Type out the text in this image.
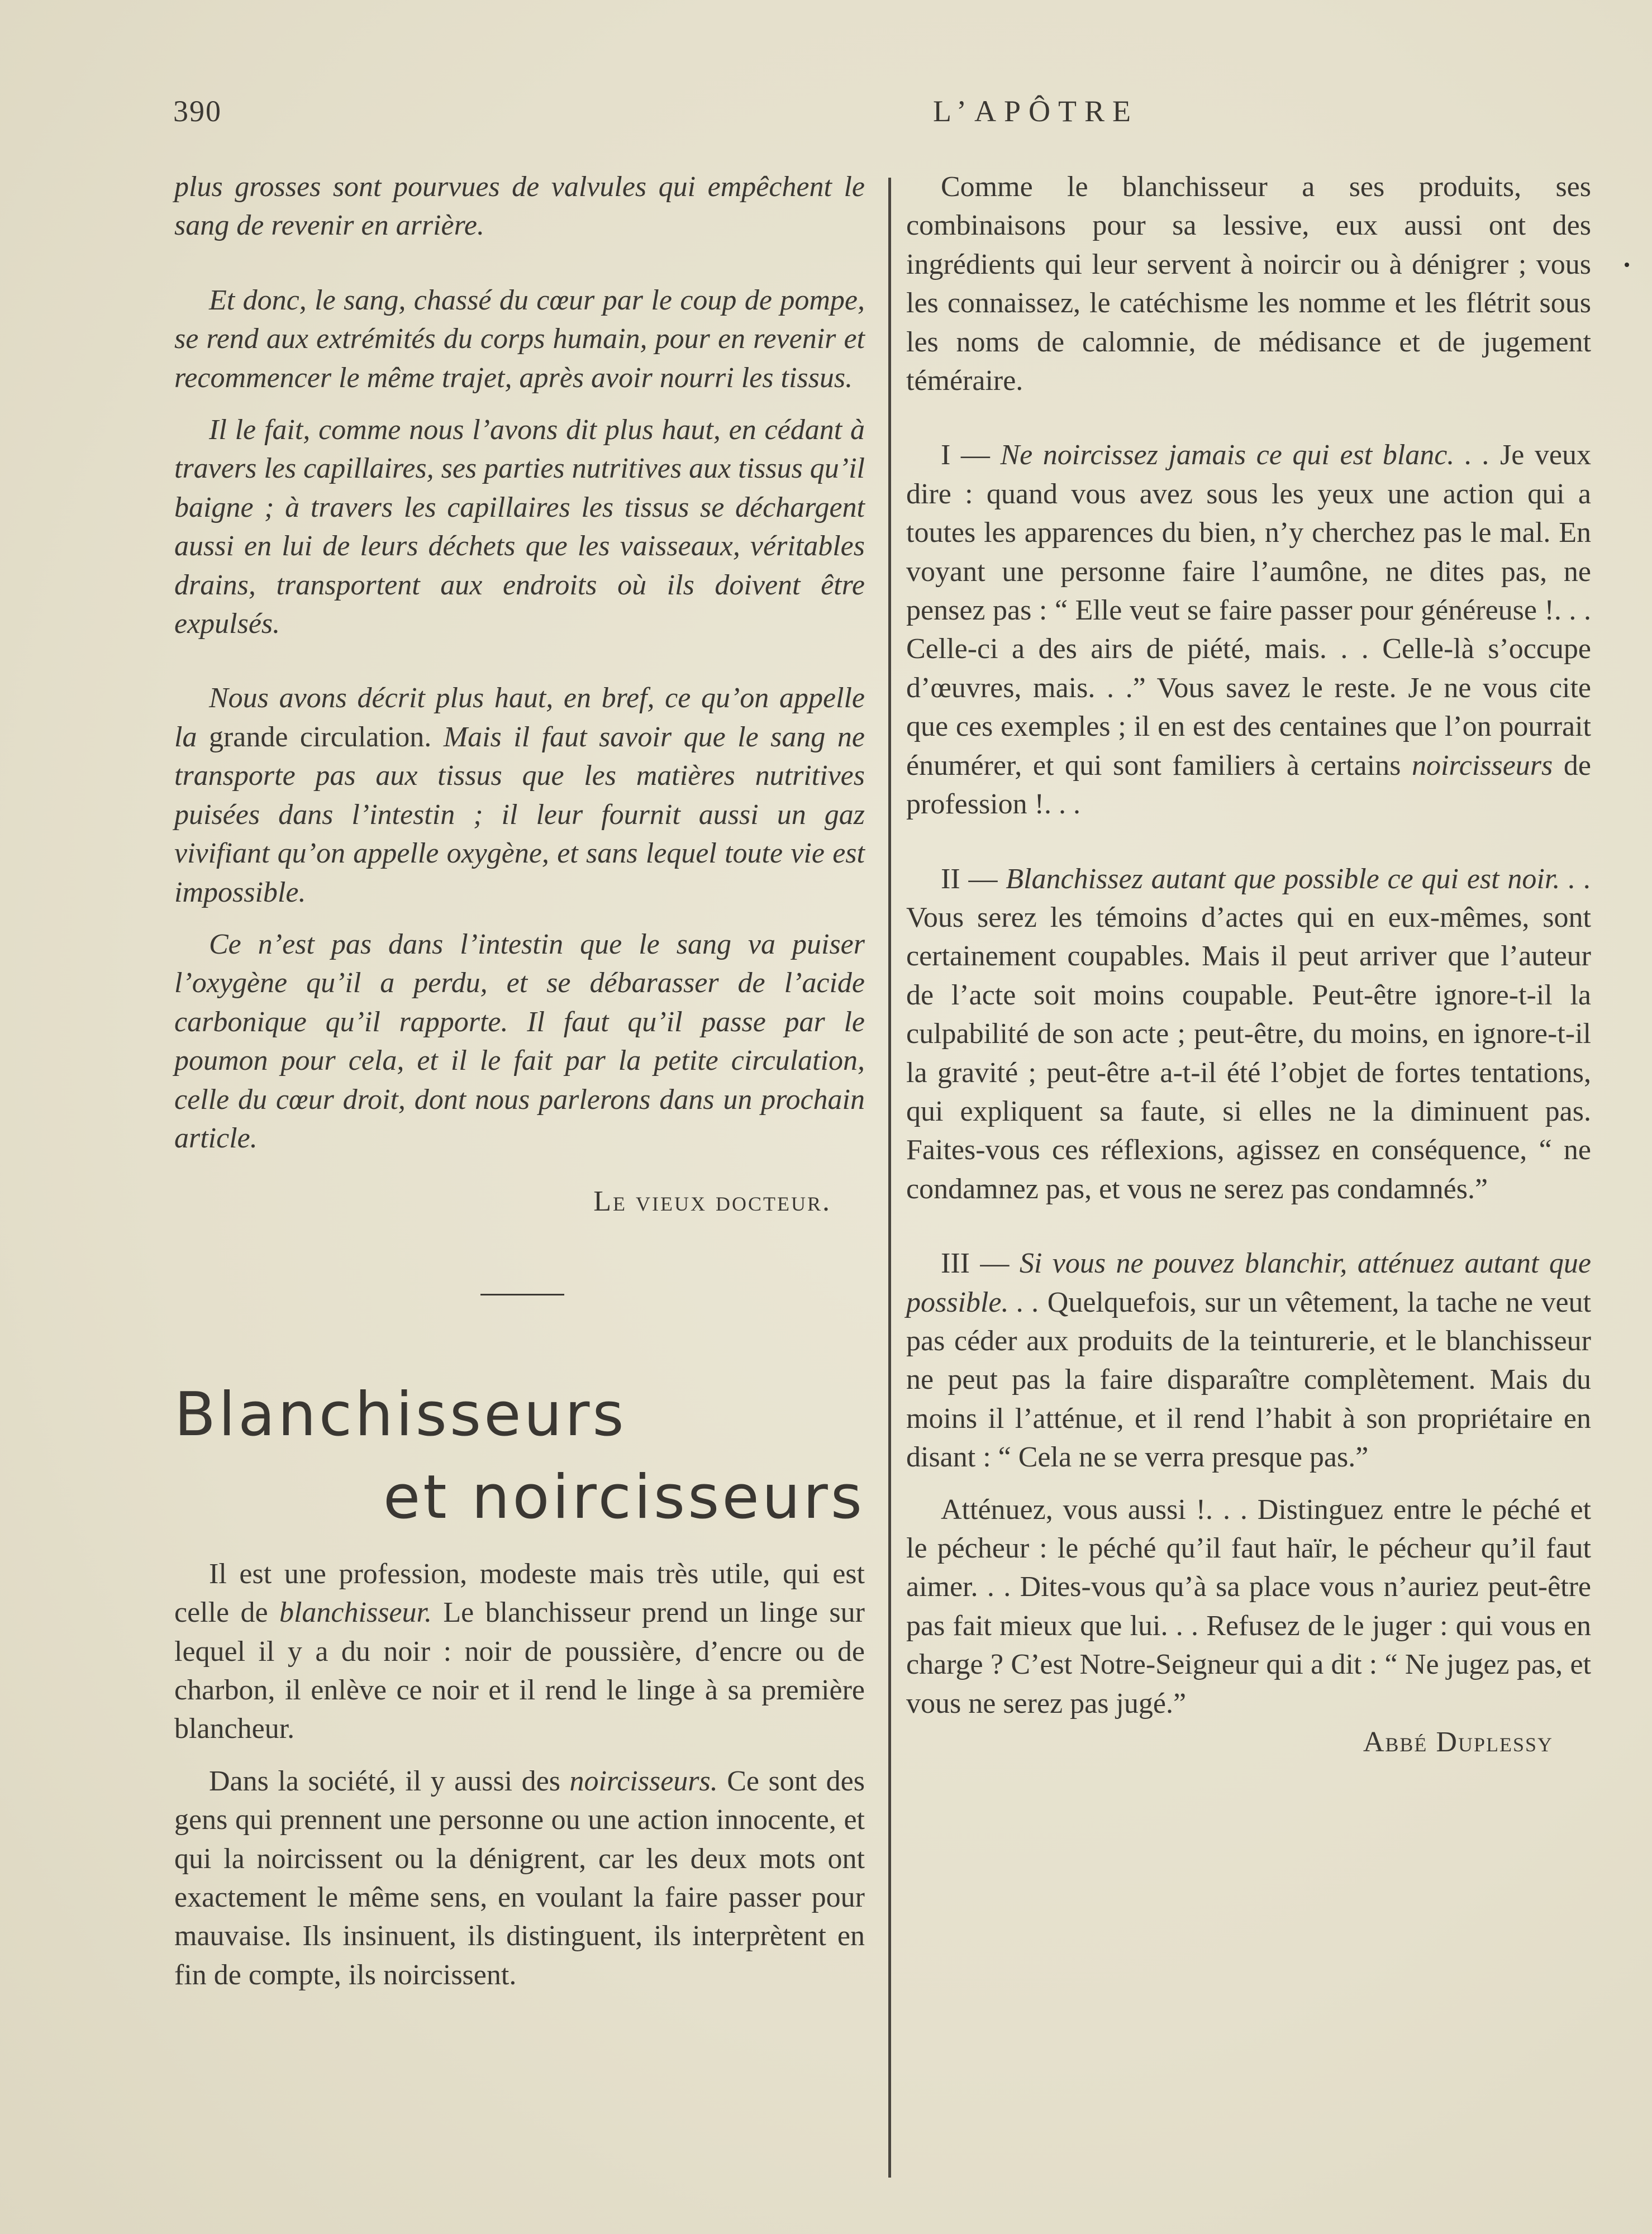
390	L’APÔTRE

plus grosses sont pourvues de valvules qui empêchent le sang de revenir en arrière.

Et donc, le sang, chassé du cœur par le coup de pompe, se rend aux extrémités du corps humain, pour en revenir et recommencer le même trajet, après avoir nourri les tissus.

Il le fait, comme nous l’avons dit plus haut, en cédant à travers les capillaires, ses parties nutritives aux tissus qu’il baigne ; à travers les capillaires les tissus se déchargent aussi en lui de leurs déchets que les vaisseaux, véritables drains, transportent aux endroits où ils doivent être expulsés.

Nous avons décrit plus haut, en bref, ce qu’on appelle la grande circulation. Mais il faut savoir que le sang ne transporte pas aux tissus que les matières nutritives puisées dans l’intestin ; il leur fournit aussi un gaz vivifiant qu’on appelle oxygène, et sans lequel toute vie est impossible.

Ce n’est pas dans l’intestin que le sang va puiser l’oxygène qu’il a perdu, et se débarasser de l’acide carbonique qu’il rapporte. Il faut qu’il passe par le poumon pour cela, et il le fait par la petite circulation, celle du cœur droit, dont nous parlerons dans un prochain article.

Le vieux docteur.
Blanchisseurs
et noircisseurs

Il est une profession, modeste mais très utile, qui est celle de blanchisseur. Le blanchisseur prend un linge sur lequel il y a du noir : noir de poussière, d’encre ou de charbon, il enlève ce noir et il rend le linge à sa première blancheur.

Dans la société, il y aussi des noircisseurs. Ce sont des gens qui prennent une personne ou une action innocente, et qui la noircissent ou la dénigrent, car les deux mots ont exactement le même sens, en voulant la faire passer pour mauvaise. Ils insinuent, ils distinguent, ils interprètent en fin de compte, ils noircissent.

Comme le blanchisseur a ses produits, ses combinaisons pour sa lessive, eux aussi ont des ingrédients qui leur servent à noircir ou à dénigrer ; vous les connaissez, le catéchisme les nomme et les flétrit sous les noms de calomnie, de médisance et de jugement téméraire.

I — Ne noircissez jamais ce qui est blanc. . . Je veux dire : quand vous avez sous les yeux une action qui a toutes les apparences du bien, n’y cherchez pas le mal. En voyant une personne faire l’aumône, ne dites pas, ne pensez pas : “ Elle veut se faire passer pour généreuse !. . . Celle-ci a des airs de piété, mais. . . Celle-là s’occupe d’œuvres, mais. . .” Vous savez le reste. Je ne vous cite que ces exemples ; il en est des centaines que l’on pourrait énumérer, et qui sont familiers à certains noircisseurs de profession !. . .

II — Blanchissez autant que possible ce qui est noir. . . Vous serez les témoins d’actes qui en eux-mêmes, sont certainement coupables. Mais il peut arriver que l’auteur de l’acte soit moins coupable. Peut-être ignore-t-il la culpabilité de son acte ; peut-être, du moins, en ignore-t-il la gravité ; peut-être a-t-il été l’objet de fortes tentations, qui expliquent sa faute, si elles ne la diminuent pas. Faites-vous ces réflexions, agissez en conséquence, “ ne condamnez pas, et vous ne serez pas condamnés.”

III — Si vous ne pouvez blanchir, atténuez autant que possible. . . Quelquefois, sur un vêtement, la tache ne veut pas céder aux produits de la teinturerie, et le blanchisseur ne peut pas la faire disparaître complètement. Mais du moins il l’atténue, et il rend l’habit à son propriétaire en disant : “ Cela ne se verra presque pas.”

Atténuez, vous aussi !. . . Distinguez entre le péché et le pécheur : le péché qu’il faut haïr, le pécheur qu’il faut aimer. . . Dites-vous qu’à sa place vous n’auriez peut-être pas fait mieux que lui. . . Refusez de le juger : qui vous en charge ? C’est Notre-Seigneur qui a dit : “ Ne jugez pas, et vous ne serez pas jugé.”

Abbé Duplessy
